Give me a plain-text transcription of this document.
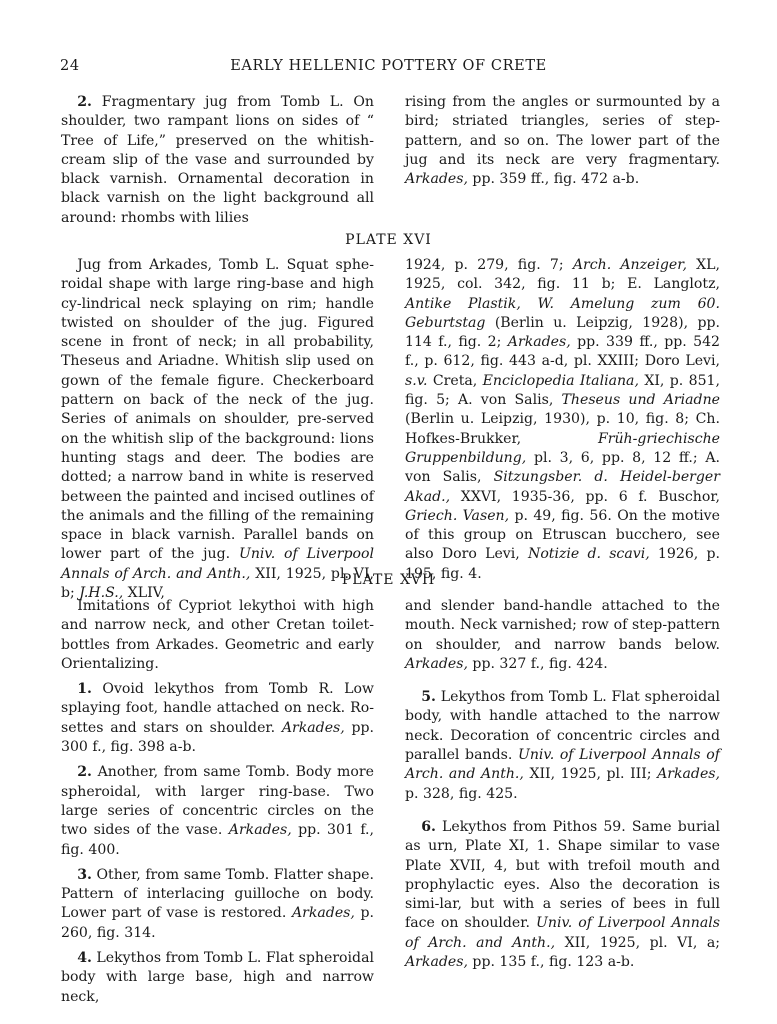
24	EARLY HELLENIC POTTERY OF CRETE

2. Fragmentary jug from Tomb L. On shoulder, two rampant lions on sides of “ Tree of Life,” preserved on the whitish-cream slip of the vase and surrounded by black varnish. Ornamental decoration in black varnish on the light background all around: rhombs with lilies

rising from the angles or surmounted by a bird; striated triangles, series of step-pattern, and so on. The lower part of the jug and its neck are very fragmentary. Arkades, pp. 359 ff., fig. 472 a-b.

PLATE XVI

Jug from Arkades, Tomb L. Squat sphe-roidal shape with large ring-base and high cy-lindrical neck splaying on rim; handle twisted on shoulder of the jug. Figured scene in front of neck; in all probability, Theseus and Ariadne. Whitish slip used on gown of the female figure. Checkerboard pattern on back of the neck of the jug. Series of animals on shoulder, pre-served on the whitish slip of the background: lions hunting stags and deer. The bodies are dotted; a narrow band in white is reserved between the painted and incised outlines of the animals and the filling of the remaining space in black varnish. Parallel bands on lower part of the jug. Univ. of Liverpool Annals of Arch. and Anth., XII, 1925, pl. VI, b; J.H.S., XLIV,

1924, p. 279, fig. 7; Arch. Anzeiger, XL, 1925, col. 342, fig. 11 b; E. Langlotz, Antike Plastik, W. Amelung zum 60. Geburtstag (Berlin u. Leipzig, 1928), pp. 114 f., fig. 2; Arkades, pp. 339 ff., pp. 542 f., p. 612, fig. 443 a-d, pl. XXIII; Doro Levi, s.v. Creta, Enciclopedia Italiana, XI, p. 851, fig. 5; A. von Salis, Theseus und Ariadne (Berlin u. Leipzig, 1930), p. 10, fig. 8; Ch. Hofkes-Brukker,	Früh-griechische Gruppenbildung, pl. 3, 6, pp. 8, 12 ff.; A. von Salis, Sitzungsber. d. Heidel-berger Akad., XXVI, 1935-36, pp. 6 f. Buschor, Griech. Vasen, p. 49, fig. 56. On the motive of this group on Etruscan bucchero, see also Doro Levi, Notizie d. scavi, 1926, p. 195, fig. 4.

PLATE XVII

Imitations of Cypriot lekythoi with high and narrow neck, and other Cretan toilet-bottles from Arkades. Geometric and early Orientalizing.

1. Ovoid lekythos from Tomb R. Low splaying foot, handle attached on neck. Ro-settes and stars on shoulder. Arkades, pp. 300 f., fig. 398 a-b.

2. Another, from same Tomb. Body more spheroidal, with larger ring-base. Two large series of concentric circles on the two sides of the vase. Arkades, pp. 301 f., fig. 400.

3. Other, from same Tomb. Flatter shape. Pattern of interlacing guilloche on body. Lower part of vase is restored. Arkades, p. 260, fig. 314.

4. Lekythos from Tomb L. Flat spheroidal body with large base, high and narrow neck,

and slender band-handle attached to the mouth. Neck varnished; row of step-pattern on shoulder, and narrow bands below. Arkades, pp. 327 f., fig. 424.

5. Lekythos from Tomb L. Flat spheroidal body, with handle attached to the narrow neck. Decoration of concentric circles and parallel bands. Univ. of Liverpool Annals of Arch. and Anth., XII, 1925, pl. III; Arkades, p. 328, fig. 425.

6. Lekythos from Pithos 59. Same burial as urn, Plate XI, 1. Shape similar to vase Plate XVII, 4, but with trefoil mouth and prophylactic eyes. Also the decoration is simi-lar, but with a series of bees in full face on shoulder. Univ. of Liverpool Annals of Arch. and Anth., XII, 1925, pl. VI, a; Arkades, pp. 135 f., fig. 123 a-b.
